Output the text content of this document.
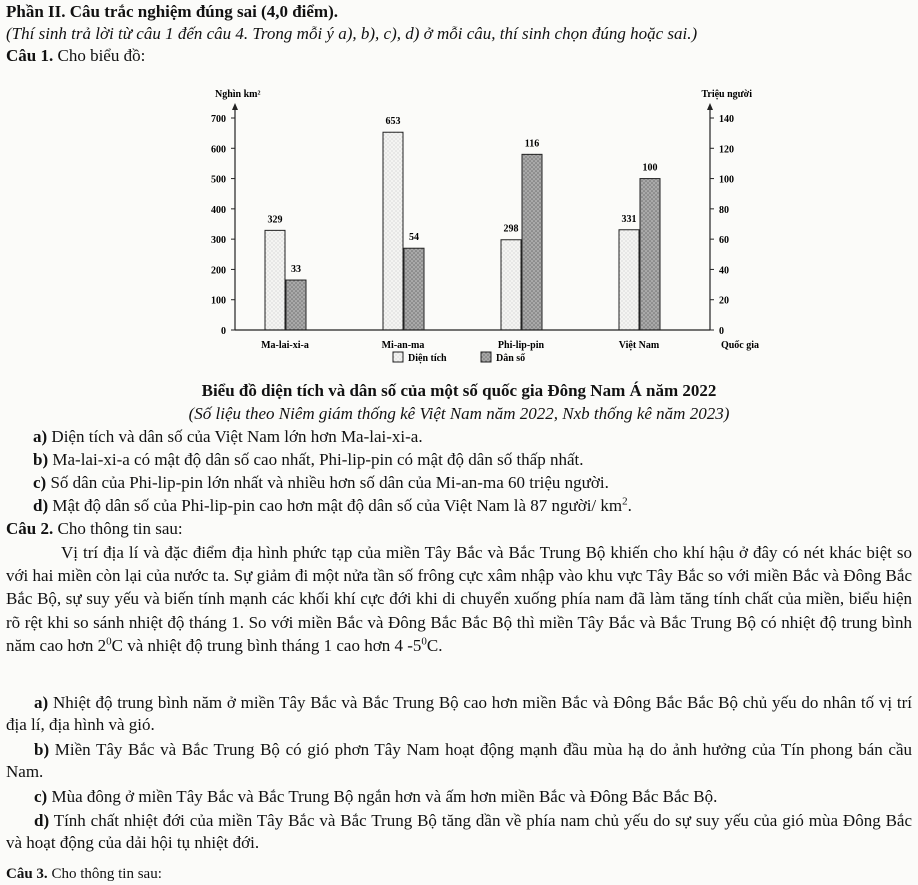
Phần II. Câu trắc nghiệm đúng sai (4,0 điểm).
(Thí sinh trả lời từ câu 1 đến câu 4. Trong mỗi ý a), b), c), d) ở mỗi câu, thí sinh chọn đúng hoặc sai.)
Câu 1. Cho biểu đồ:
329
33
Ma-lai-xi-a
653
54
Mi-an-ma
298
116
Phi-lip-pin
331
100
Việt Nam	Quốc gia
Diện tích	Dân số
0
100
200
300
400
500
600
700
0
20
40
60
80
100
120
140
Nghìn km²	Triệu người
Biểu đồ diện tích và dân số của một số quốc gia Đông Nam Á năm 2022
(Số liệu theo Niêm giám thống kê Việt Nam năm 2022, Nxb thống kê năm 2023)
a) Diện tích và dân số của Việt Nam lớn hơn Ma-lai-xi-a.
b) Ma-lai-xi-a có mật độ dân số cao nhất, Phi-lip-pin có mật độ dân số thấp nhất.
c) Số dân của Phi-lip-pin lớn nhất và nhiều hơn số dân của Mi-an-ma 60 triệu người.
d) Mật độ dân số của Phi-lip-pin cao hơn mật độ dân số của Việt Nam là 87 người/ $km^2$.
Câu 2. Cho thông tin sau:
Vị trí địa lí và đặc điểm địa hình phức tạp của miền Tây Bắc và Bắc Trung Bộ khiến cho khí hậu ở đây có nét khác biệt so với hai miền còn lại của nước ta. Sự giảm đi một nửa tần số frông cực xâm nhập vào khu vực Tây Bắc so với miền Bắc và Đông Bắc Bắc Bộ, sự suy yếu và biến tính mạnh các khối khí cực đới khi di chuyển xuống phía nam đã làm tăng tính chất của miền, biểu hiện rõ rệt khi so sánh nhiệt độ tháng 1. So với miền Bắc và Đông Bắc Bắc Bộ thì miền Tây Bắc và Bắc Trung Bộ có nhiệt độ trung bình năm cao hơn $2^0C$ và nhiệt độ trung bình tháng 1 cao hơn 4 $-5^0C$.
a) Nhiệt độ trung bình năm ở miền Tây Bắc và Bắc Trung Bộ cao hơn miền Bắc và Đông Bắc Bắc Bộ chủ yếu do nhân tố vị trí địa lí, địa hình và gió.
b) Miền Tây Bắc và Bắc Trung Bộ có gió phơn Tây Nam hoạt động mạnh đầu mùa hạ do ảnh hưởng của Tín phong bán cầu Nam.
c) Mùa đông ở miền Tây Bắc và Bắc Trung Bộ ngắn hơn và ấm hơn miền Bắc và Đông Bắc Bắc Bộ.
d) Tính chất nhiệt đới của miền Tây Bắc và Bắc Trung Bộ tăng dần về phía nam chủ yếu do sự suy yếu của gió mùa Đông Bắc và hoạt động của dải hội tụ nhiệt đới.
Câu 3. Cho thông tin sau:
